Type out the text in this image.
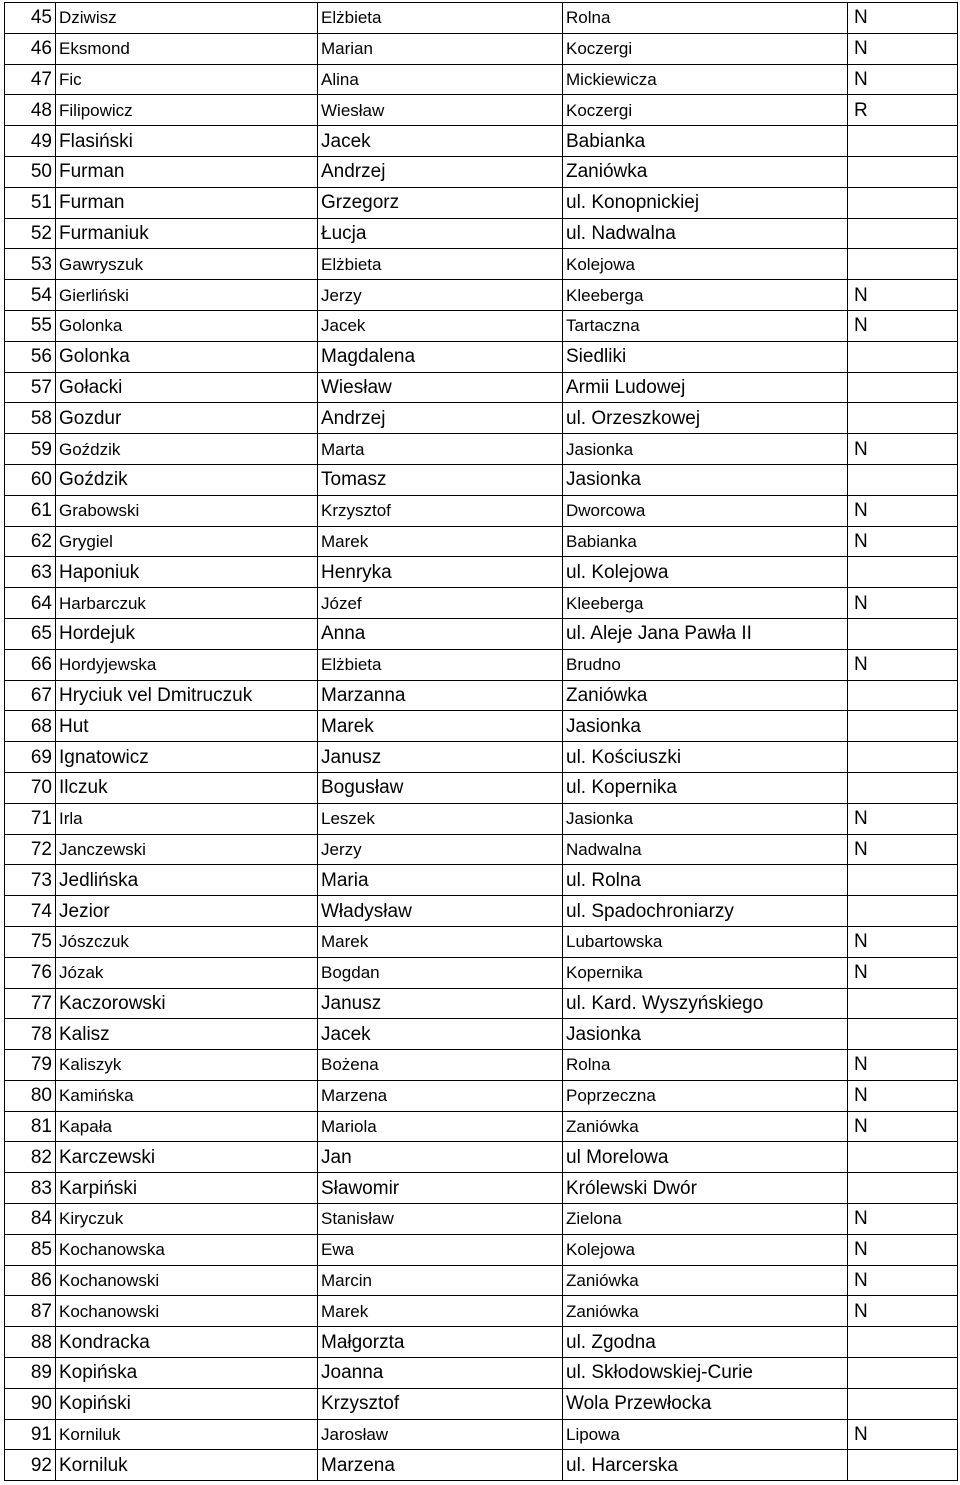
45	Dziwisz	Elżbieta	Rolna	N
46	Eksmond	Marian	Koczergi	N
47	Fic	Alina	Mickiewicza	N
48	Filipowicz	Wiesław	Koczergi	R
49	Flasiński	Jacek	Babianka	
50	Furman	Andrzej	Zaniówka	
51	Furman	Grzegorz	ul. Konopnickiej	
52	Furmaniuk	Łucja	ul. Nadwalna	
53	Gawryszuk	Elżbieta	Kolejowa	
54	Gierliński	Jerzy	Kleeberga	N
55	Golonka	Jacek	Tartaczna	N
56	Golonka	Magdalena	Siedliki	
57	Gołacki	Wiesław	Armii Ludowej	
58	Gozdur	Andrzej	ul. Orzeszkowej	
59	Goździk	Marta	Jasionka	N
60	Goździk	Tomasz	Jasionka	
61	Grabowski	Krzysztof	Dworcowa	N
62	Grygiel	Marek	Babianka	N
63	Haponiuk	Henryka	ul. Kolejowa	
64	Harbarczuk	Józef	Kleeberga	N
65	Hordejuk	Anna	ul. Aleje Jana Pawła II	
66	Hordyjewska	Elżbieta	Brudno	N
67	Hryciuk vel Dmitruczuk	Marzanna	Zaniówka	
68	Hut	Marek	Jasionka	
69	Ignatowicz	Janusz	ul. Kościuszki	
70	Ilczuk	Bogusław	ul. Kopernika	
71	Irla	Leszek	Jasionka	N
72	Janczewski	Jerzy	Nadwalna	N
73	Jedlińska	Maria	ul. Rolna	
74	Jezior	Władysław	ul. Spadochroniarzy	
75	Jószczuk	Marek	Lubartowska	N
76	Józak	Bogdan	Kopernika	N
77	Kaczorowski	Janusz	ul. Kard. Wyszyńskiego	
78	Kalisz	Jacek	Jasionka	
79	Kaliszyk	Bożena	Rolna	N
80	Kamińska	Marzena	Poprzeczna	N
81	Kapała	Mariola	Zaniówka	N
82	Karczewski	Jan	ul Morelowa	
83	Karpiński	Sławomir	Królewski Dwór	
84	Kiryczuk	Stanisław	Zielona	N
85	Kochanowska	Ewa	Kolejowa	N
86	Kochanowski	Marcin	Zaniówka	N
87	Kochanowski	Marek	Zaniówka	N
88	Kondracka	Małgorzta	ul. Zgodna	
89	Kopińska	Joanna	ul. Skłodowskiej-Curie	
90	Kopiński	Krzysztof	Wola Przewłocka	
91	Korniluk	Jarosław	Lipowa	N
92	Korniluk	Marzena	ul. Harcerska	
